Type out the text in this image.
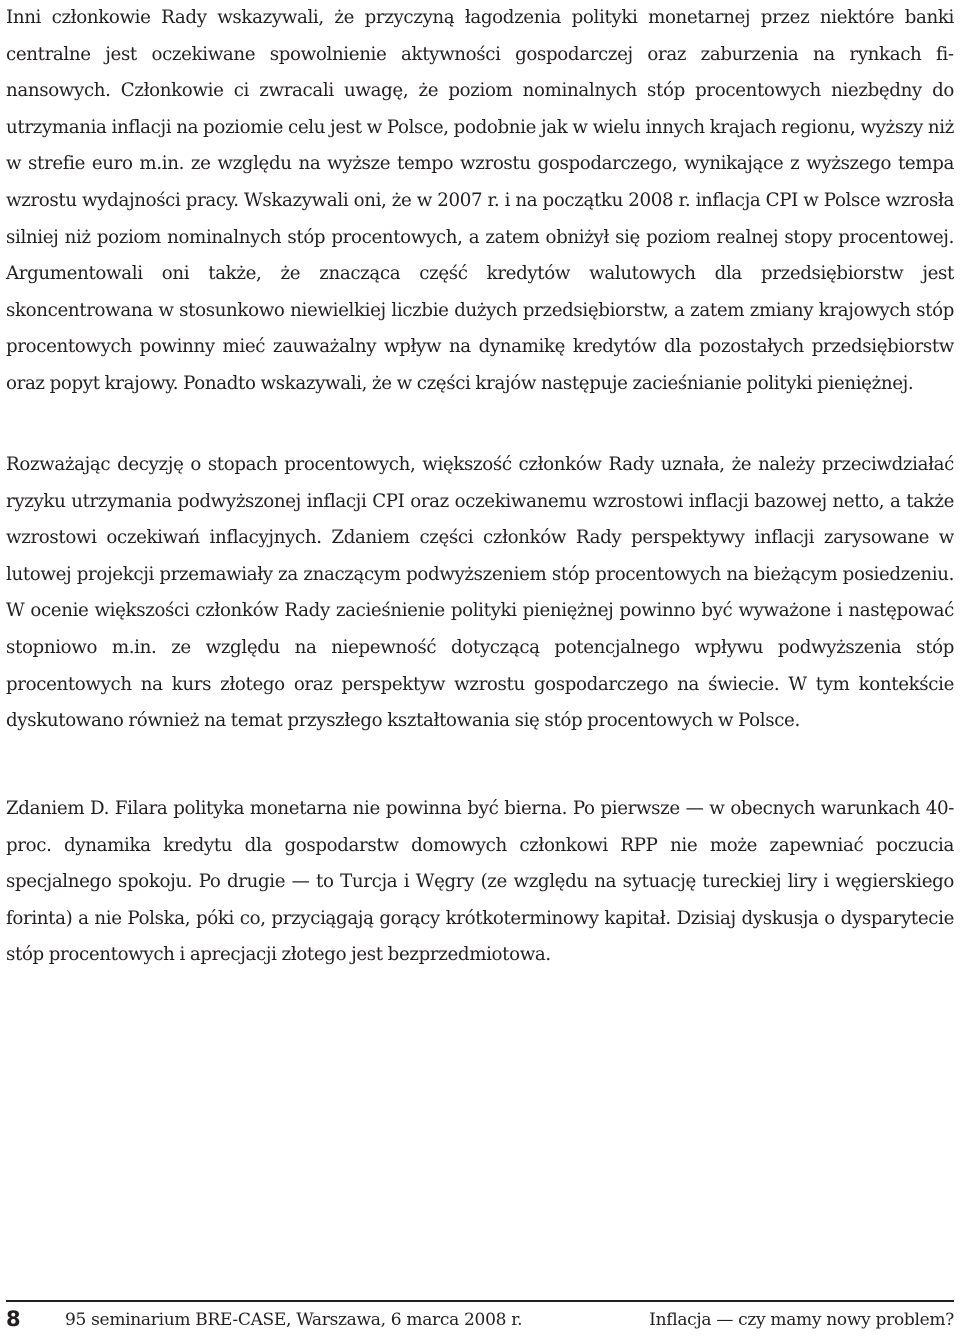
Inni członkowie Rady wskazywali, że przyczyną łagodzenia polityki monetarnej przez niektóre banki centralne jest oczekiwane spowolnienie aktywności gospodarczej oraz zaburzenia na rynkach finansowych. Członkowie ci zwracali uwagę, że poziom nominalnych stóp procentowych niezbędny do utrzymania inflacji na poziomie celu jest w Polsce, podobnie jak w wielu innych krajach regionu, wyższy niż w strefie euro m.in. ze względu na wyższe tempo wzrostu gospodarczego, wynikające z wyższego tempa wzrostu wydajności pracy. Wskazywali oni, że w 2007 r. i na początku 2008 r. inflacja CPI w Polsce wzrosła silniej niż poziom nominalnych stóp procentowych, a zatem obniżył się poziom realnej stopy procentowej. Argumentowali oni także, że znacząca część kredytów walutowych dla przedsiębiorstw jest skoncentrowana w stosunkowo niewielkiej liczbie dużych przedsiębiorstw, a zatem zmiany krajowych stóp procentowych powinny mieć zauważalny wpływ na dynamikę kredytów dla pozostałych przedsiębiorstw oraz popyt krajowy. Ponadto wskazywali, że w części krajów następuje zacieśnianie polityki pieniężnej.

Rozważając decyzję o stopach procentowych, większość członków Rady uznała, że należy przeciwdziałać ryzyku utrzymania podwyższonej inflacji CPI oraz oczekiwanemu wzrostowi inflacji bazowej netto, a także wzrostowi oczekiwań inflacyjnych. Zdaniem części członków Rady perspektywy inflacji zarysowane w lutowej projekcji przemawiały za znaczącym podwyższeniem stóp procentowych na bieżącym posiedzeniu. W ocenie większości członków Rady zacieśnienie polityki pieniężnej powinno być wyważone i następować stopniowo m.in. ze względu na niepewność dotyczącą potencjalnego wpływu podwyższenia stóp procentowych na kurs złotego oraz perspektyw wzrostu gospodarczego na świecie. W tym kontekście dyskutowano również na temat przyszłego kształtowania się stóp procentowych w Polsce.

Zdaniem D. Filara polityka monetarna nie powinna być bierna. Po pierwsze — w obecnych warunkach 40-proc. dynamika kredytu dla gospodarstw domowych członkowi RPP nie może zapewniać poczucia specjalnego spokoju. Po drugie — to Turcja i Węgry (ze względu na sytuację tureckiej liry i węgierskiego forinta) a nie Polska, póki co, przyciągają gorący krótkoterminowy kapitał. Dzisiaj dyskusja o dysparytecie stóp procentowych i aprecjacji złotego jest bezprzedmiotowa.

8	95 seminarium BRE-CASE, Warszawa, 6 marca 2008 r.	Inflacja — czy mamy nowy problem?
